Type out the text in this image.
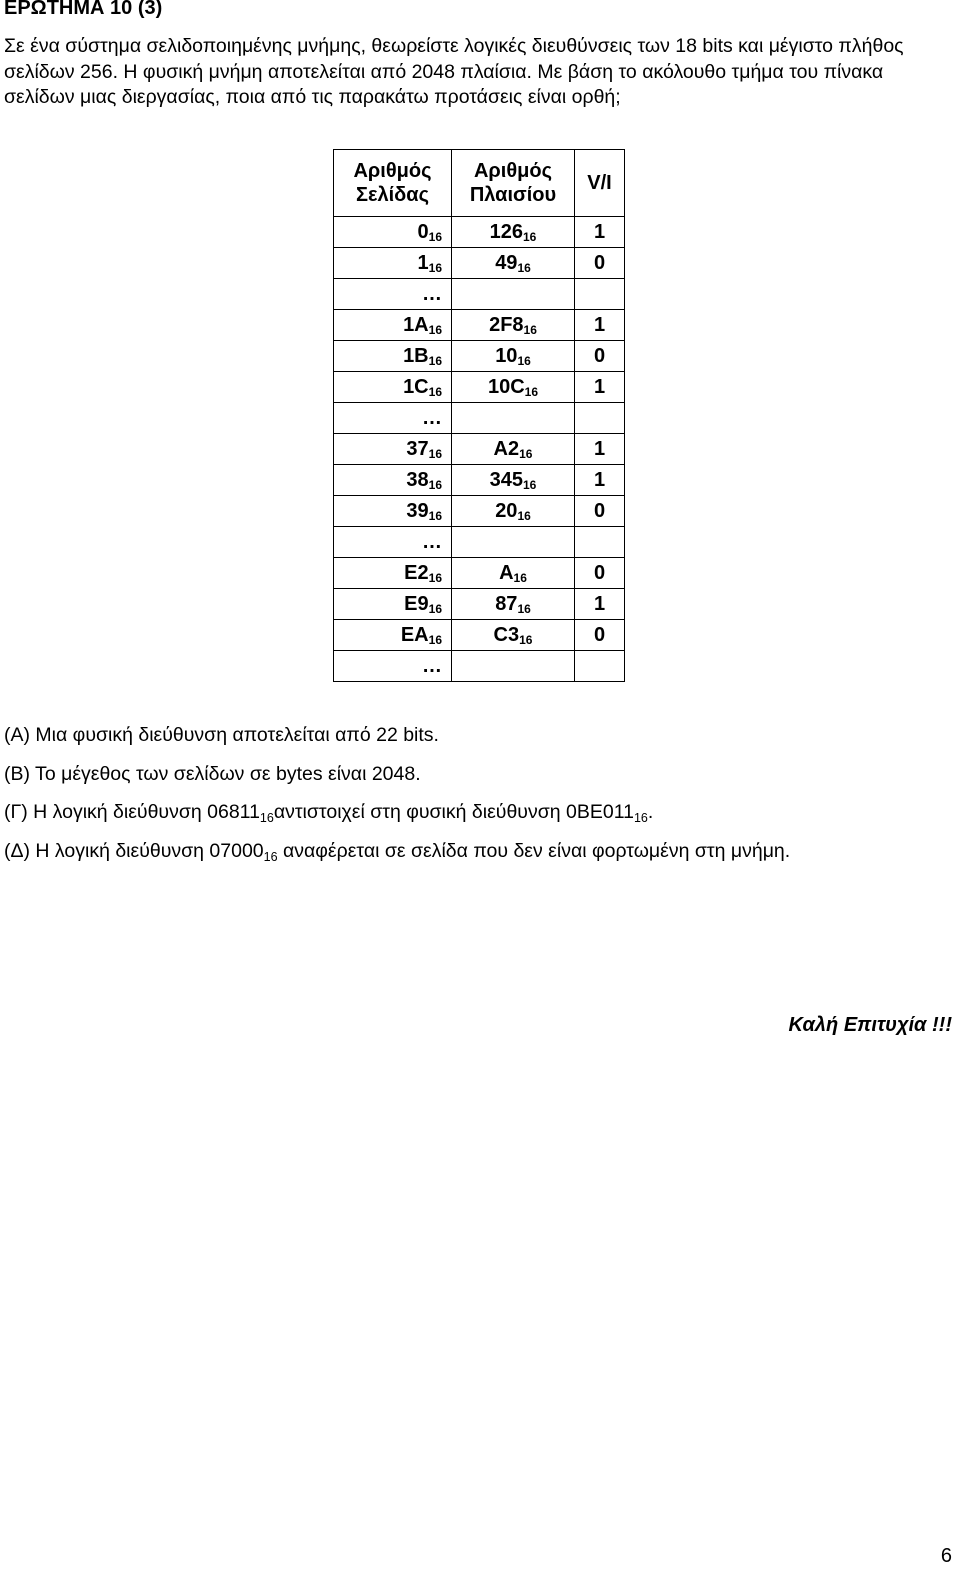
ΕΡΩΤΗΜΑ 10 (3)

Σε ένα σύστημα σελιδοποιημένης μνήμης, θεωρείστε λογικές διευθύνσεις των 18 bits και μέγιστο πλήθος σελίδων 256. Η φυσική μνήμη αποτελείται από 2048 πλαίσια. Με βάση το ακόλουθο τμήμα του πίνακα σελίδων μιας διεργασίας, ποια από τις παρακάτω προτάσεις είναι ορθή;

Αριθμός Σελίδας	Αριθμός Πλαισίου	V/I
$0_{16}$	$126_{16}$	1
$1_{16}$	$49_{16}$	0
…		
$1A_{16}$	$2F8_{16}$	1
$1B_{16}$	$10_{16}$	0
$1C_{16}$	$10C_{16}$	1
…		
$37_{16}$	$A2_{16}$	1
$38_{16}$	$345_{16}$	1
$39_{16}$	$20_{16}$	0
…		
$E2_{16}$	$A_{16}$	0
$E9_{16}$	$87_{16}$	1
$EA_{16}$	$C3_{16}$	0
…		
(Α) Μια φυσική διεύθυνση αποτελείται από 22 bits.
(Β) Το μέγεθος των σελίδων σε bytes είναι 2048.
(Γ) Η λογική διεύθυνση $06811_{16}\alpha\nu\tau\iota\sigma\tau o\iota\chi\varepsilon ί$ στη φυσική διεύθυνση $0BE011_{16}$.
(Δ) Η λογική διεύθυνση $07000_{16}$ αναφέρεται σε σελίδα που δεν είναι φορτωμένη στη μνήμη.
Καλή Επιτυχία !!!
6
